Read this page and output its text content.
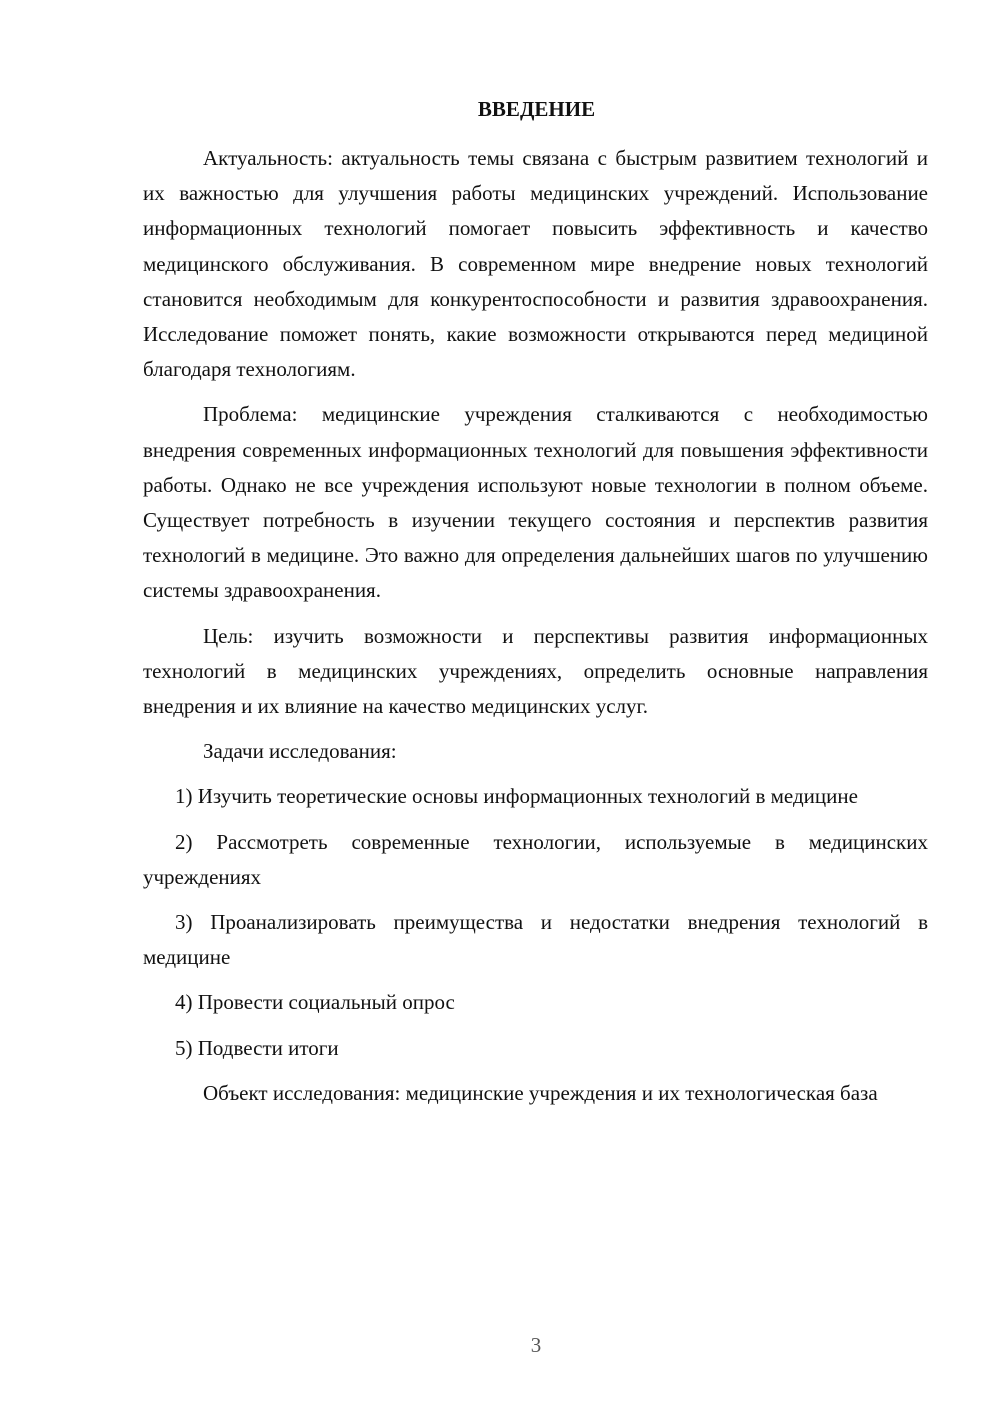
ВВЕДЕНИЕ

Актуальность: актуальность темы связана с быстрым развитием технологий и их важностью для улучшения работы медицинских учреждений. Использование информационных технологий помогает повысить эффективность и качество медицинского обслуживания. В современном мире внедрение новых технологий становится необходимым для конкурентоспособности и развития здравоохранения. Исследование поможет понять, какие возможности открываются перед медициной благодаря технологиям.

Проблема: медицинские учреждения сталкиваются с необходимостью внедрения современных информационных технологий для повышения эффективности работы. Однако не все учреждения используют новые технологии в полном объеме. Существует потребность в изучении текущего состояния и перспектив развития технологий в медицине. Это важно для определения дальнейших шагов по улучшению системы здравоохранения.

Цель: изучить возможности и перспективы развития информационных технологий в медицинских учреждениях, определить основные направления внедрения и их влияние на качество медицинских услуг.

Задачи исследования:

1) Изучить теоретические основы информационных технологий в медицине

2) Рассмотреть современные технологии, используемые в медицинских учреждениях

3) Проанализировать преимущества и недостатки внедрения технологий в медицине

4) Провести социальный опрос

5) Подвести итоги

Объект исследования: медицинские учреждения и их технологическая база

3
